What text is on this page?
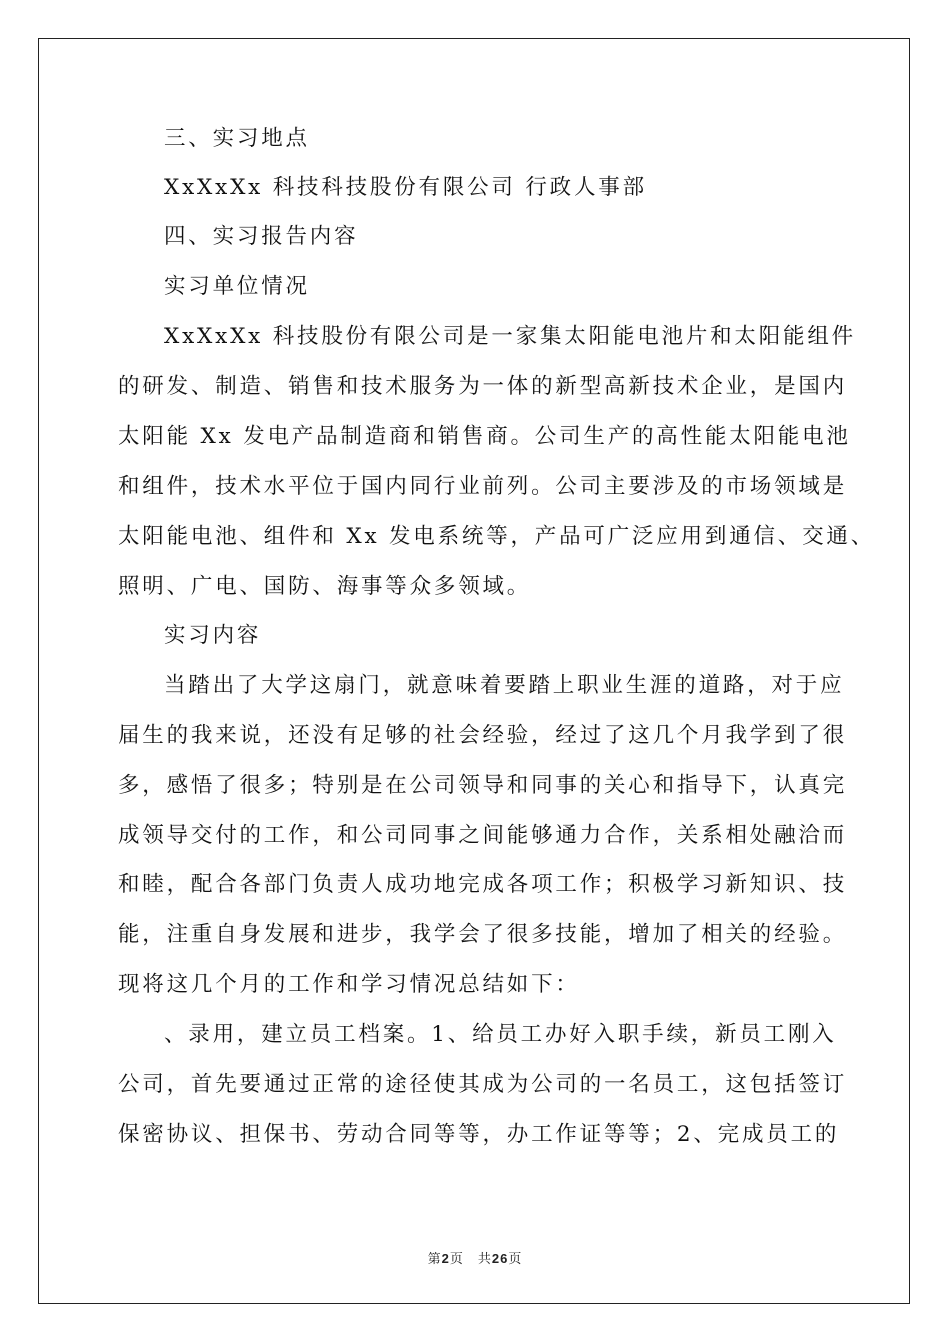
三、实习地点
XxXxXx 科技科技股份有限公司 行政人事部
四、实习报告内容
实习单位情况
XxXxXx 科技股份有限公司是一家集太阳能电池片和太阳能组件
的研发、制造、销售和技术服务为一体的新型高新技术企业，是国内
太阳能 Xx 发电产品制造商和销售商。公司生产的高性能太阳能电池
和组件，技术水平位于国内同行业前列。公司主要涉及的市场领域是
太阳能电池、组件和 Xx 发电系统等，产品可广泛应用到通信、交通、
照明、广电、国防、海事等众多领域。
实习内容
当踏出了大学这扇门，就意味着要踏上职业生涯的道路，对于应
届生的我来说，还没有足够的社会经验，经过了这几个月我学到了很
多，感悟了很多；特别是在公司领导和同事的关心和指导下，认真完
成领导交付的工作，和公司同事之间能够通力合作，关系相处融洽而
和睦，配合各部门负责人成功地完成各项工作；积极学习新知识、技
能，注重自身发展和进步，我学会了很多技能，增加了相关的经验。
现将这几个月的工作和学习情况总结如下：
、录用，建立员工档案。1、给员工办好入职手续，新员工刚入
公司，首先要通过正常的途径使其成为公司的一名员工，这包括签订
保密协议、担保书、劳动合同等等，办工作证等等；2、完成员工的
第2页　共26页
